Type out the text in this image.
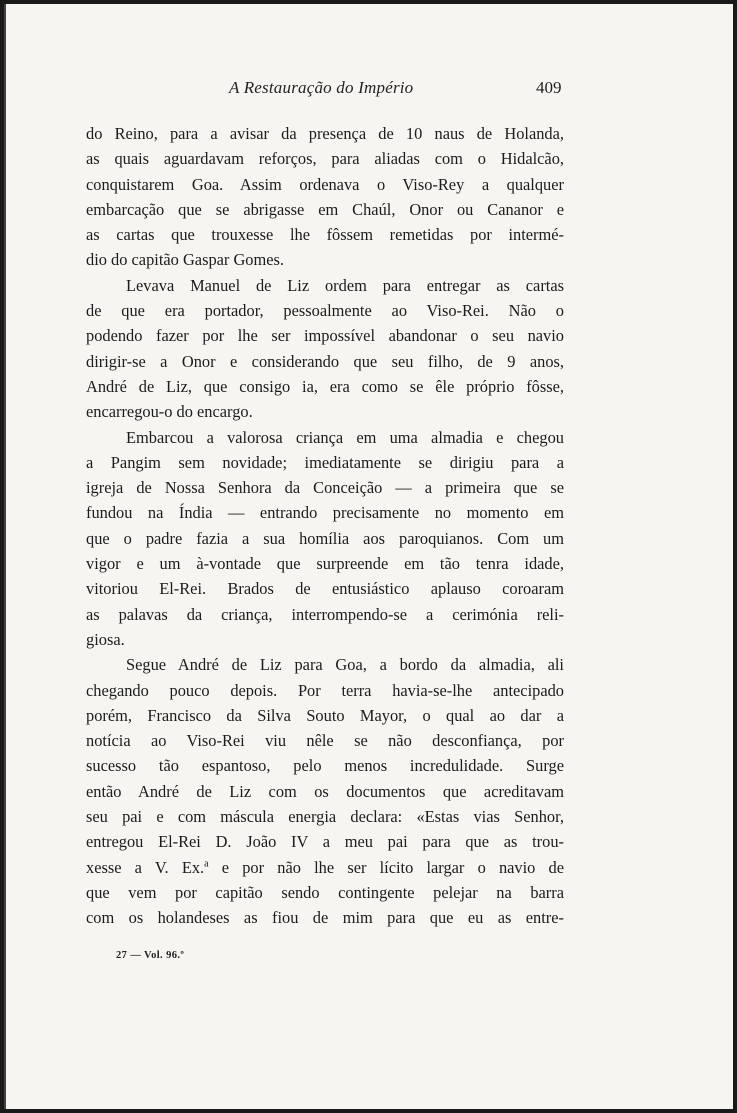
A Restauração do Império	409
do Reino, para a avisar da presença de 10 naus de Holanda,
as quais aguardavam reforços, para aliadas com o Hidalcão,
conquistarem Goa. Assim ordenava o Viso-Rey a qualquer
embarcação que se abrigasse em Chaúl, Onor ou Cananor e
as cartas que trouxesse lhe fôssem remetidas por intermé-
dio do capitão Gaspar Gomes.
Levava Manuel de Liz ordem para entregar as cartas
de que era portador, pessoalmente ao Viso-Rei. Não o
podendo fazer por lhe ser impossível abandonar o seu navio
dirigir-se a Onor e considerando que seu filho, de 9 anos,
André de Liz, que consigo ia, era como se êle próprio fôsse,
encarregou-o do encargo.
Embarcou a valorosa criança em uma almadia e chegou
a Pangim sem novidade; imediatamente se dirigiu para a
igreja de Nossa Senhora da Conceição — a primeira que se
fundou na Índia — entrando precisamente no momento em
que o padre fazia a sua homília aos paroquianos. Com um
vigor e um à-vontade que surpreende em tão tenra idade,
vitoriou El-Rei. Brados de entusiástico aplauso coroaram
as palavas da criança, interrompendo-se a cerimónia reli-
giosa.
Segue André de Liz para Goa, a bordo da almadia, ali
chegando pouco depois. Por terra havia-se-lhe antecipado
porém, Francisco da Silva Souto Mayor, o qual ao dar a
notícia ao Viso-Rei viu nêle se não desconfiança, por
sucesso tão espantoso, pelo menos incredulidade. Surge
então André de Liz com os documentos que acreditavam
seu pai e com máscula energia declara: «Estas vias Senhor,
entregou El-Rei D. João IV a meu pai para que as trou-
xesse a V. Ex.$^a$ e por não lhe ser lícito largar o navio de
que vem por capitão sendo contingente pelejar na barra
com os holandeses as fiou de mim para que eu as entre-
27 — Vol. 96.º
